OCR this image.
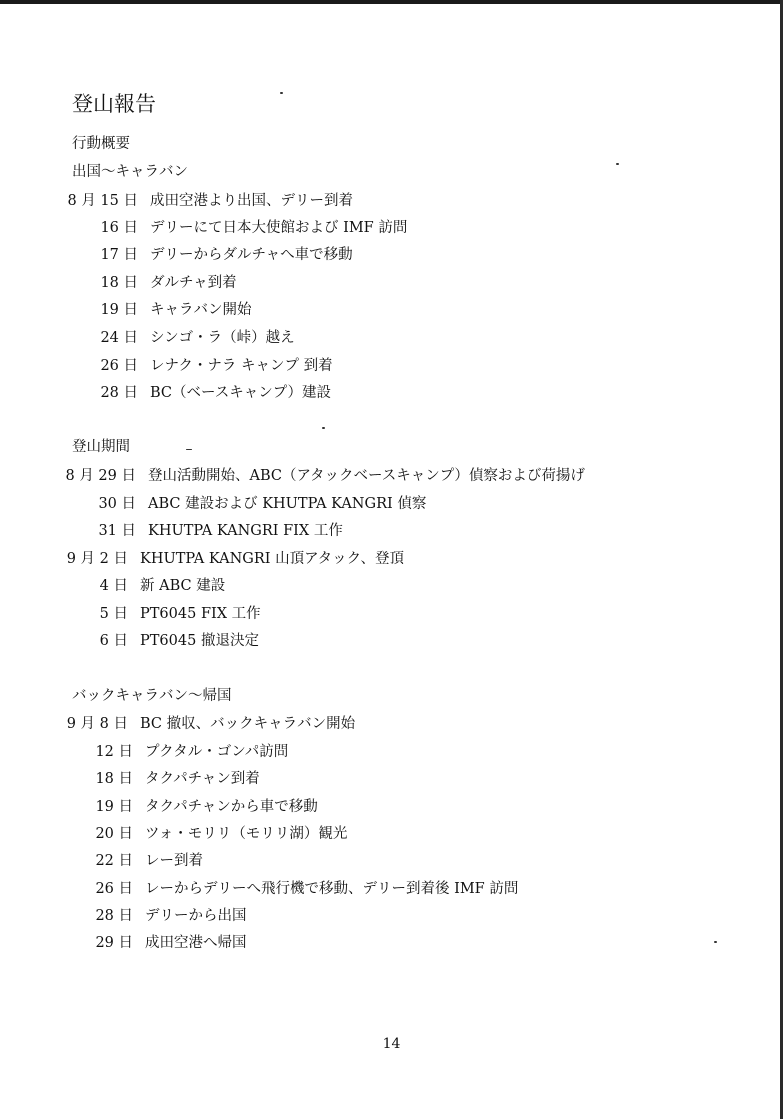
登山報告
行動概要
出国〜キャラバン
8 月 15 日 成田空港より出国、デリー到着
16 日 デリーにて日本大使館および IMF 訪問
17 日 デリーからダルチャへ車で移動
18 日 ダルチャ到着
19 日 キャラバン開始
24 日 シンゴ・ラ（峠）越え
26 日 レナク・ナラ キャンプ 到着
28 日 BC（ベースキャンプ）建設
登山期間
8 月 29 日 登山活動開始、ABC（アタックベースキャンプ）偵察および荷揚げ
30 日 ABC 建設および KHUTPA KANGRI 偵察
31 日 KHUTPA KANGRI FIX 工作
9 月 2 日 KHUTPA KANGRI 山頂アタック、登頂
4 日 新 ABC 建設
5 日 PT6045 FIX 工作
6 日 PT6045 撤退決定
バックキャラバン〜帰国
9 月 8 日 BC 撤収、バックキャラバン開始
12 日 プクタル・ゴンパ訪問
18 日 タクパチャン到着
19 日 タクパチャンから車で移動
20 日 ツォ・モリリ（モリリ湖）観光
22 日 レー到着
26 日 レーからデリーへ飛行機で移動、デリー到着後 IMF 訪問
28 日 デリーから出国
29 日 成田空港へ帰国
14
